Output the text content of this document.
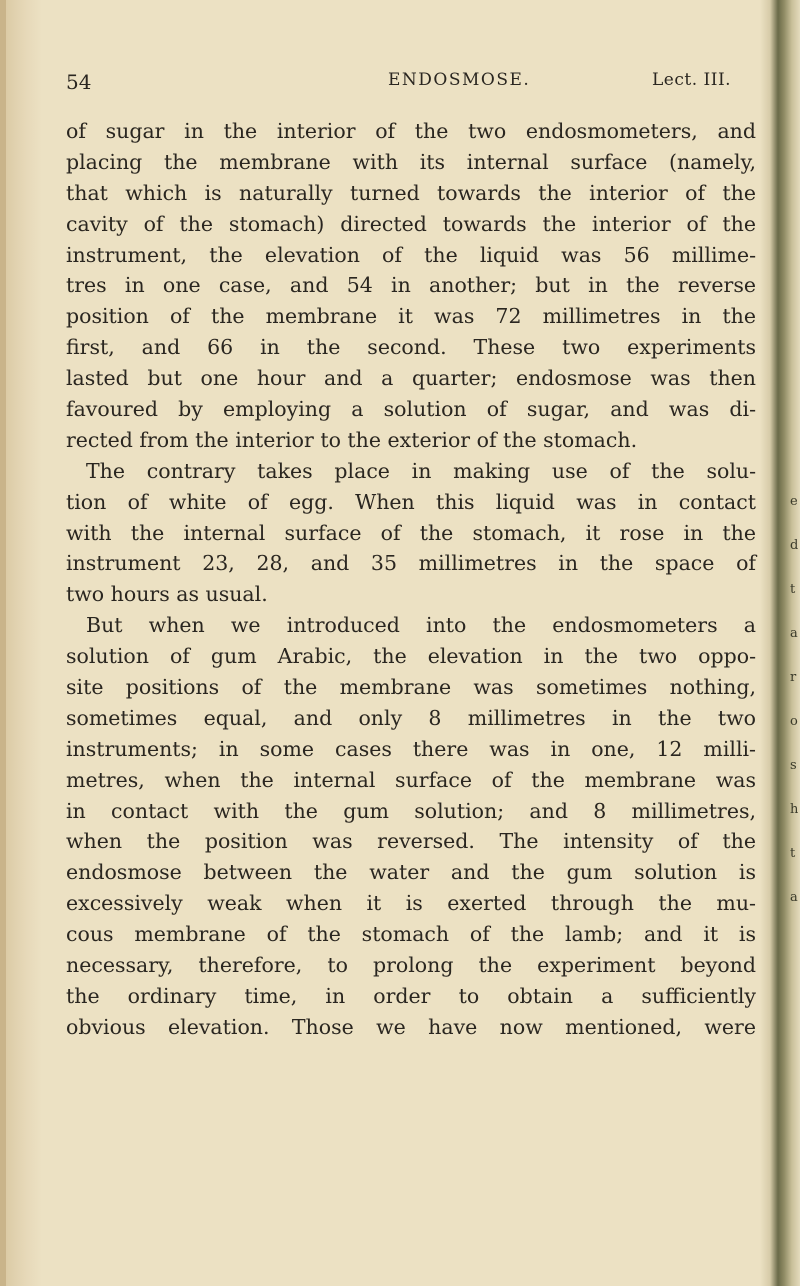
e
d
t
a
r
o
s
h
t
a
54	ENDOSMOSE.	Lect. III.
of sugar in the interior of the two endosmometers, and
placing the membrane with its internal surface (namely,
that which is naturally turned towards the interior of the
cavity of the stomach) directed towards the interior of the
instrument, the elevation of the liquid was 56 millime-
tres in one case, and 54 in another; but in the reverse
position of the membrane it was 72 millimetres in the
first, and 66 in the second. These two experiments
lasted but one hour and a quarter; endosmose was then
favoured by employing a solution of sugar, and was di-
rected from the interior to the exterior of the stomach.
The contrary takes place in making use of the solu-
tion of white of egg. When this liquid was in contact
with the internal surface of the stomach, it rose in the
instrument 23, 28, and 35 millimetres in the space of
two hours as usual.
But when we introduced into the endosmometers a
solution of gum Arabic, the elevation in the two oppo-
site positions of the membrane was sometimes nothing,
sometimes equal, and only 8 millimetres in the two
instruments; in some cases there was in one, 12 milli-
metres, when the internal surface of the membrane was
in contact with the gum solution; and 8 millimetres,
when the position was reversed. The intensity of the
endosmose between the water and the gum solution is
excessively weak when it is exerted through the mu-
cous membrane of the stomach of the lamb; and it is
necessary, therefore, to prolong the experiment beyond
the ordinary time, in order to obtain a sufficiently
obvious elevation. Those we have now mentioned, were
